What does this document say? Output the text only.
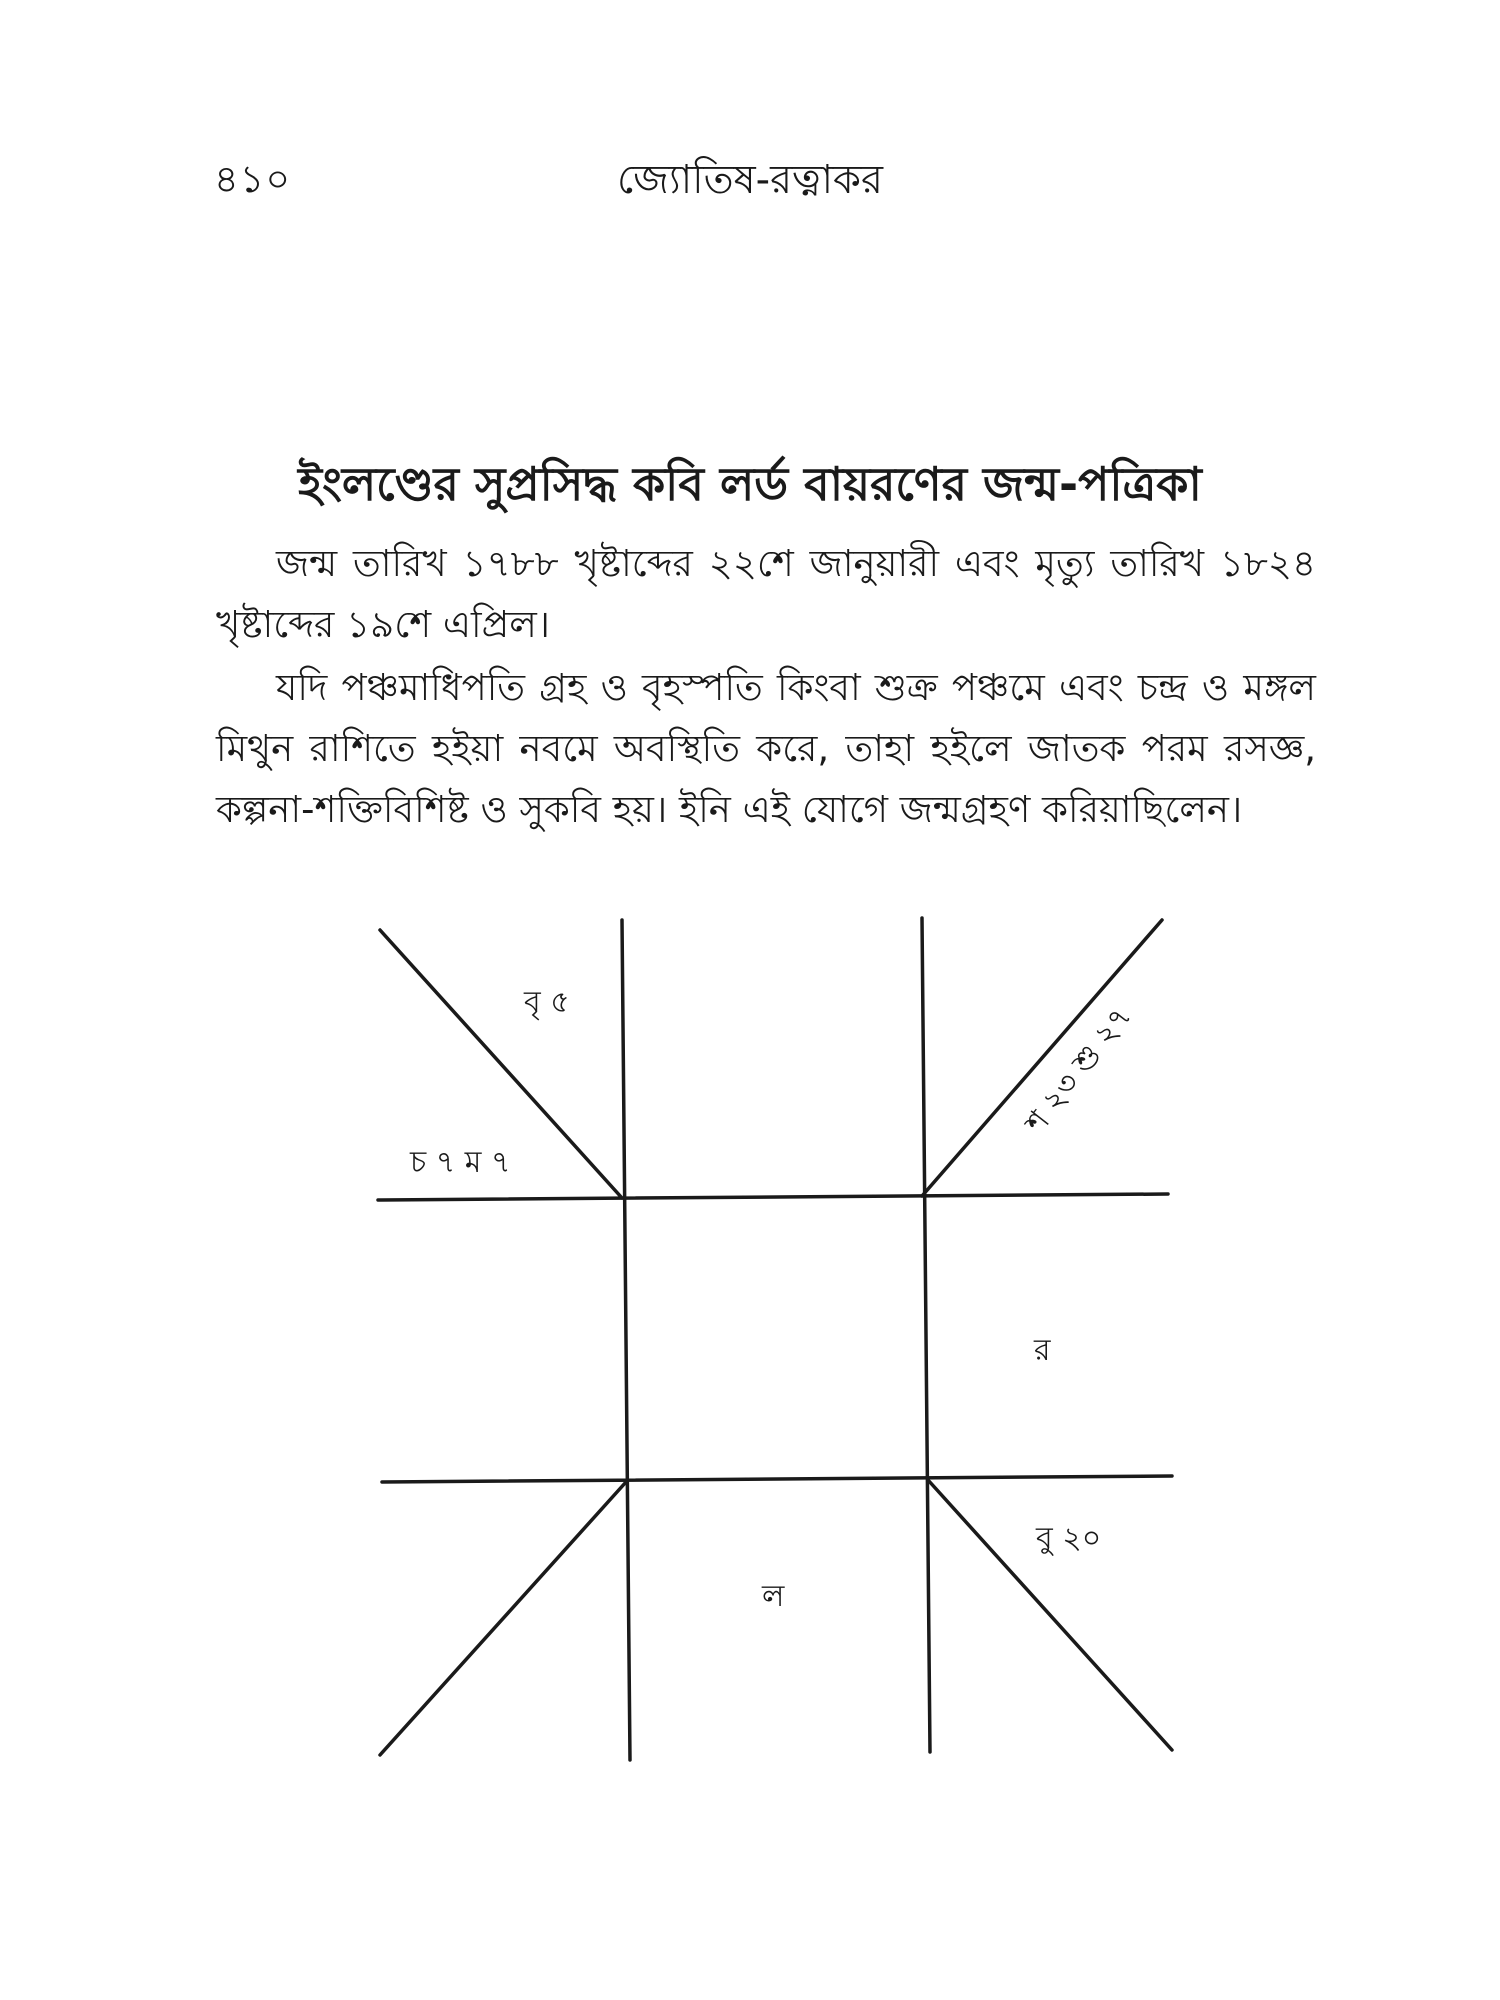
৪১০	জ্যোতিষ-রত্নাকর
ইংলণ্ডের সুপ্রসিদ্ধ কবি লর্ড বায়রণের জন্ম-পত্রিকা

জন্ম তারিখ ১৭৮৮ খৃষ্টাব্দের ২২শে জানুয়ারী এবং মৃত্যু তারিখ ১৮২৪ খৃষ্টাব্দের ১৯শে এপ্রিল।

যদি পঞ্চমাধিপতি গ্রহ ও বৃহস্পতি কিংবা শুক্র পঞ্চমে এবং চন্দ্র ও মঙ্গল মিথুন রাশিতে হইয়া নবমে অবস্থিতি করে, তাহা হইলে জাতক পরম রসজ্ঞ, কল্পনা-শক্তিবিশিষ্ট ও সুকবি হয়। ইনি এই যোগে জন্মগ্রহণ করিয়াছিলেন।

বৃ ৫
চ ৭ ম ৭
শ ২৩ শু ২৭
র
বু ২০
ল
